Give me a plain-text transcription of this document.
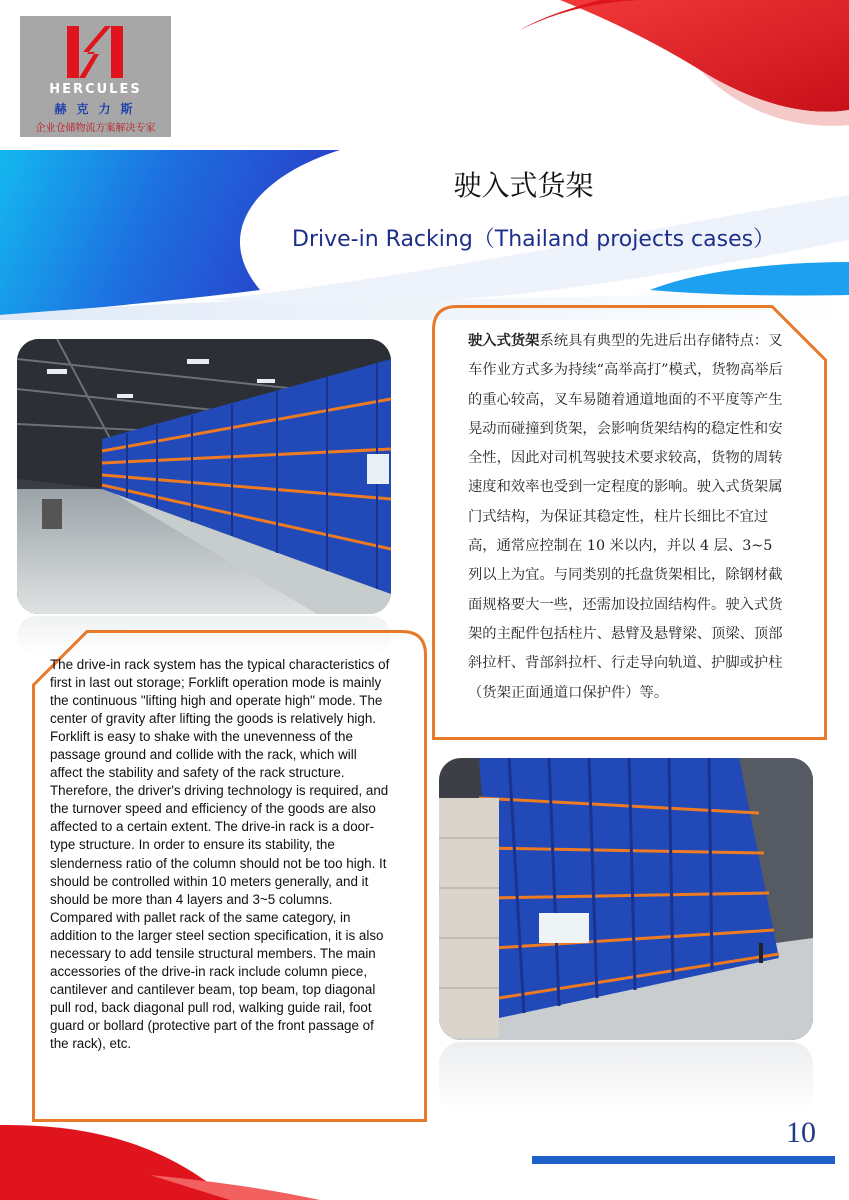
HERCULES
赫克力斯
企业仓储物流方案解决专家
驶入式货架
Drive-in Racking（Thailand projects cases）
驶入式货架系统具有典型的先进后出存储特点：叉车作业方式多为持续“高举高打”模式，货物高举后的重心较高，叉车易随着通道地面的不平度等产生晃动而碰撞到货架，会影响货架结构的稳定性和安全性，因此对司机驾驶技术要求较高，货物的周转速度和效率也受到一定程度的影响。驶入式货架属门式结构，为保证其稳定性，柱片长细比不宜过高，通常应控制在 10 米以内，并以 4 层、3~5 列以上为宜。与同类别的托盘货架相比，除钢材截面规格要大一些，还需加设拉固结构件。驶入式货架的主配件包括柱片、悬臂及悬臂梁、顶梁、顶部斜拉杆、背部斜拉杆、行走导向轨道、护脚或护柱（货架正面通道口保护件）等。
The drive-in rack system has the typical characteristics of first in last out storage; Forklift operation mode is mainly the continuous "lifting high and operate high" mode. The center of gravity after lifting the goods is relatively high. Forklift is easy to shake with the unevenness of the passage ground and collide with the rack, which will affect the stability and safety of the rack structure. Therefore, the driver's driving technology is required, and the turnover speed and efficiency of the goods are also affected to a certain extent. The drive-in rack is a door-type structure. In order to ensure its stability, the slenderness ratio of the column should not be too high. It should be controlled within 10 meters generally, and it should be more than 4 layers and 3~5 columns. Compared with pallet rack of the same category, in addition to the larger steel section specification, it is also necessary to add tensile structural members. The main accessories of the drive-in rack include column piece, cantilever and cantilever beam, top beam, top diagonal pull rod, back diagonal pull rod, walking guide rail, foot guard or bollard (protective part of the front passage of the rack), etc.
10
